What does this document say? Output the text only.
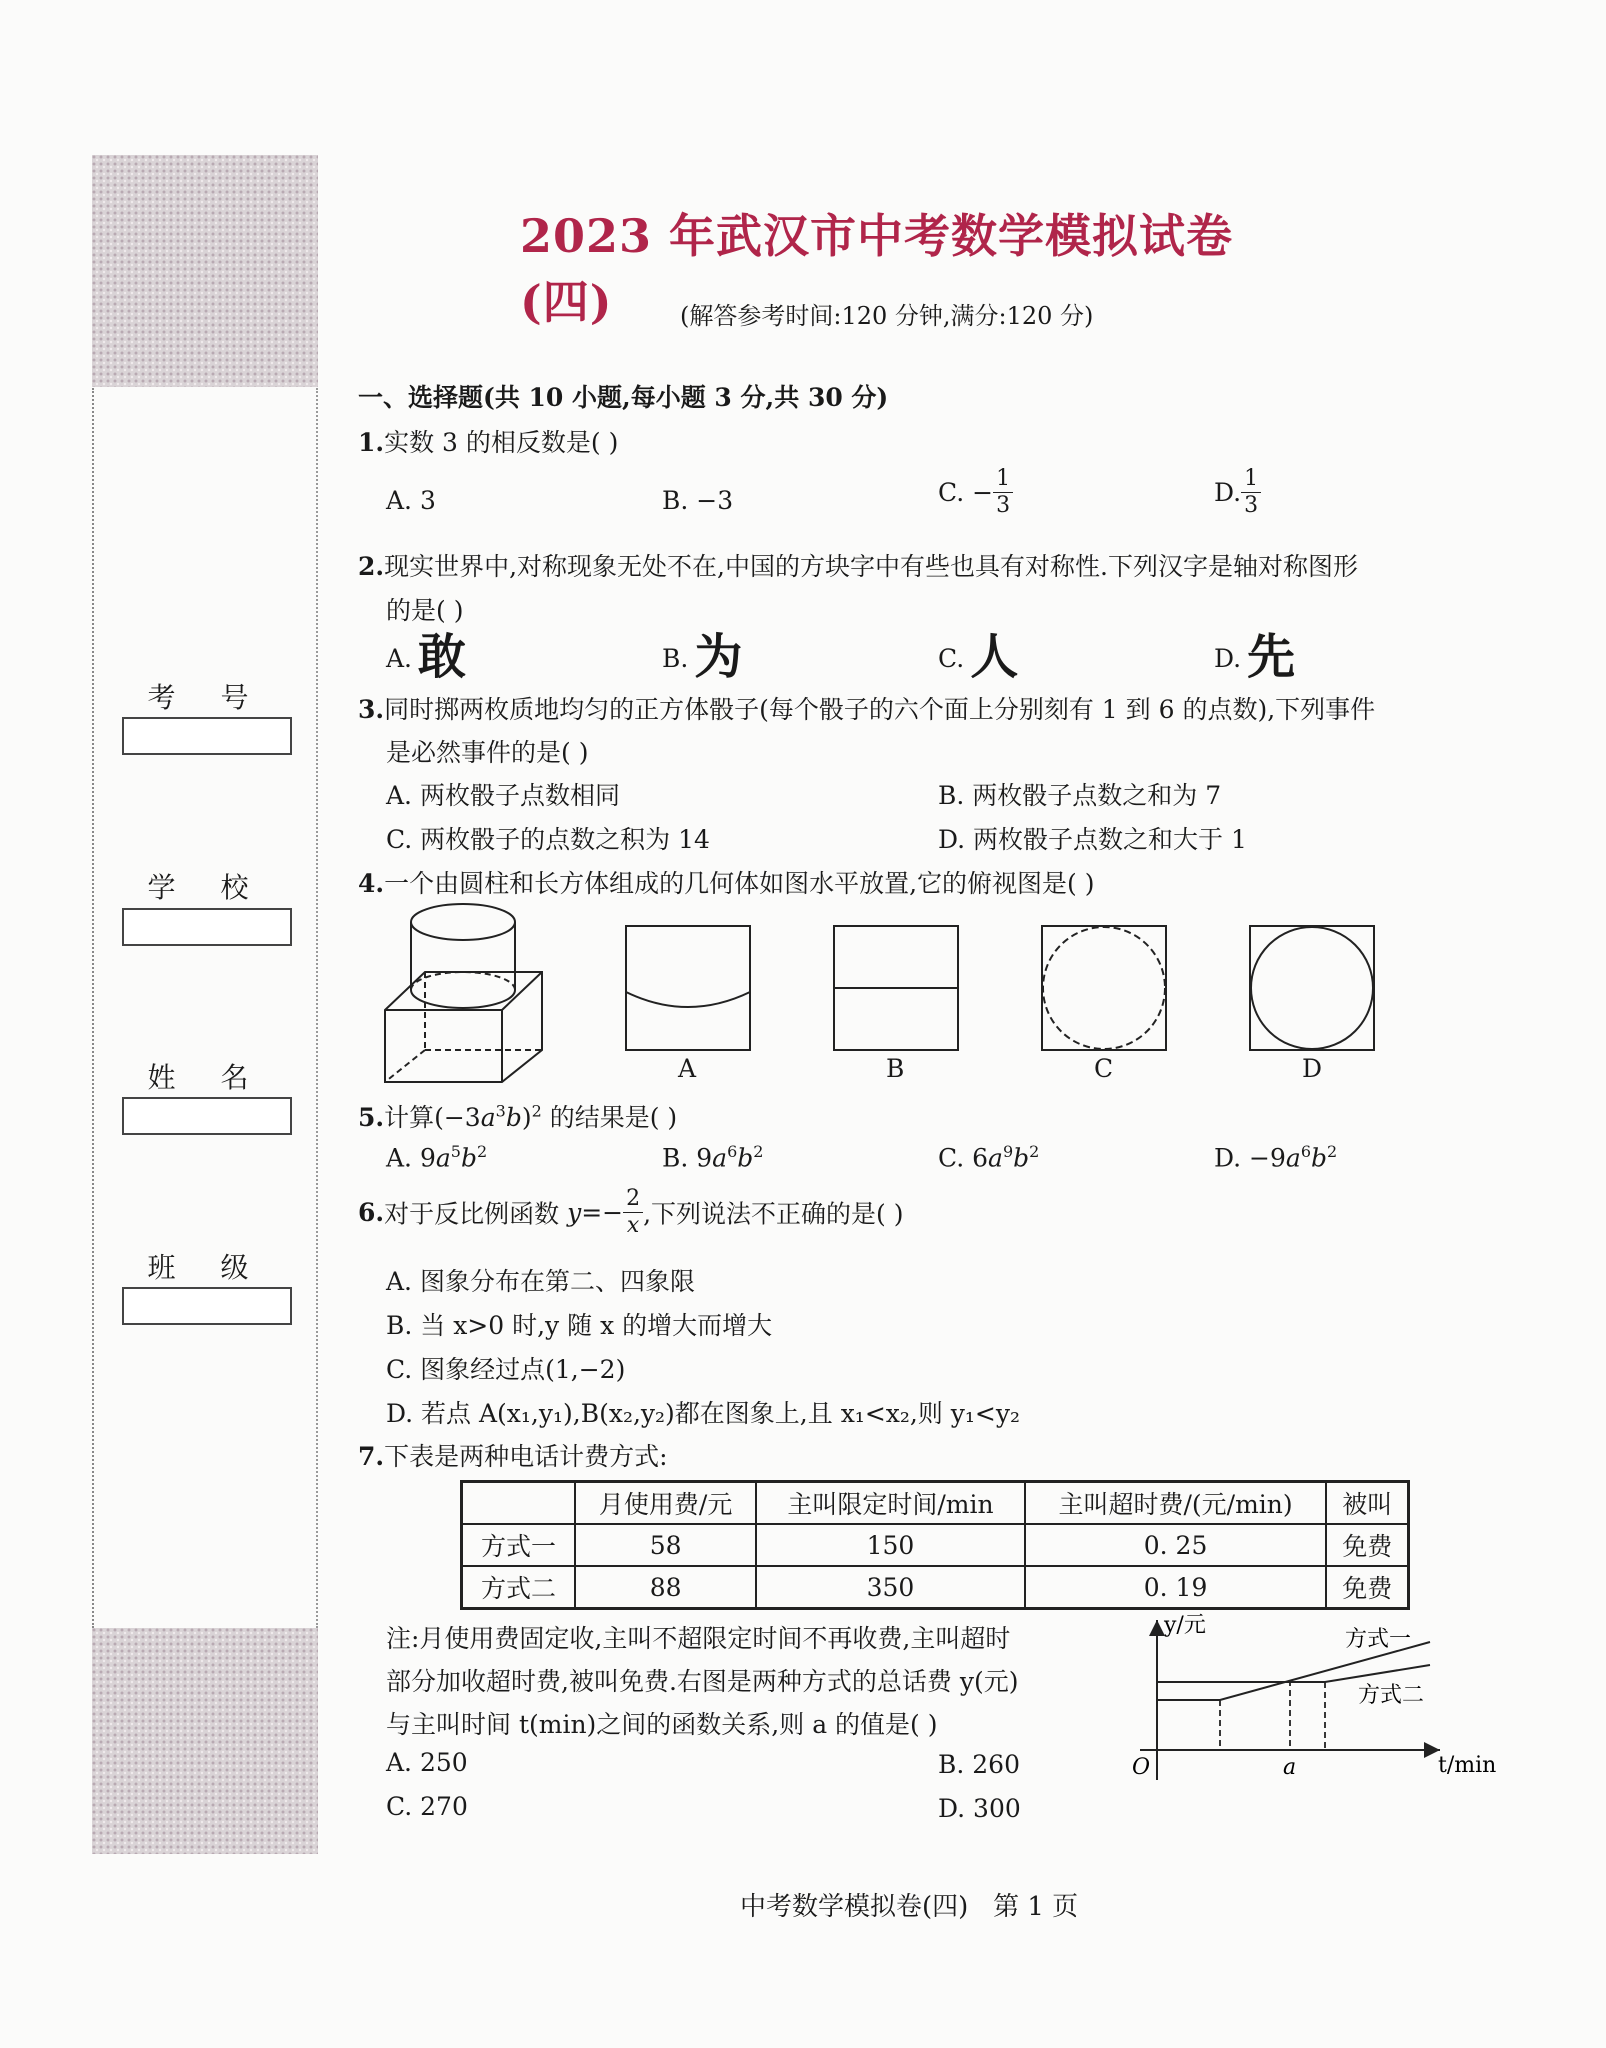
考 号
学 校
姓 名
班 级
2023 年武汉市中考数学模拟试卷(四)	(解答参考时间:120 分钟,满分:120 分)
一、选择题(共 10 小题,每小题 3 分,共 30 分)
1.实数 3 的相反数是( )
A. 3	B. −3	C. − $\frac{1}{3}$	D. $\frac{1}{3}$
2.现实世界中,对称现象无处不在,中国的方块字中有些也具有对称性.下列汉字是轴对称图形
的是( )
A. 敢	B. 为	C. 人	D. 先
3.同时掷两枚质地均匀的正方体骰子(每个骰子的六个面上分别刻有 1 到 6 的点数),下列事件
是必然事件的是( )
A. 两枚骰子点数相同	B. 两枚骰子点数之和为 7
C. 两枚骰子的点数之积为 14	D. 两枚骰子点数之和大于 1
4.一个由圆柱和长方体组成的几何体如图水平放置,它的俯视图是( )
A	B	C	D
5.计算$(-3a^3b)^2$ 的结果是( )
A. $9a^5b^2$	B. $9a^6b^2$	C. $6a^9b^2$	D. $-9a^6b^2$
6.对于反比例函数 $y=- \frac{2}{x}$ ,下列说法不正确的是( )
A. 图象分布在第二、四象限
B. 当 x>0 时,y 随 x 的增大而增大
C. 图象经过点(1,−2)
D. 若点 A(x₁,y₁),B(x₂,y₂)都在图象上,且 x₁<x₂,则 y₁<y₂
7.下表是两种电话计费方式:
	月使用费/元	主叫限定时间/min	主叫超时费/(元/min)	被叫
方式一	58	150	0. 25	免费
方式二	88	350	0. 19	免费
注:月使用费固定收,主叫不超限定时间不再收费,主叫超时
部分加收超时费,被叫免费.右图是两种方式的总话费 y(元)
与主叫时间 t(min)之间的函数关系,则 a 的值是( )
A. 250	B. 260
C. 270	D. 300
y/元
t/min
O	a
方式一
方式二
中考数学模拟卷(四)   第 1 页
